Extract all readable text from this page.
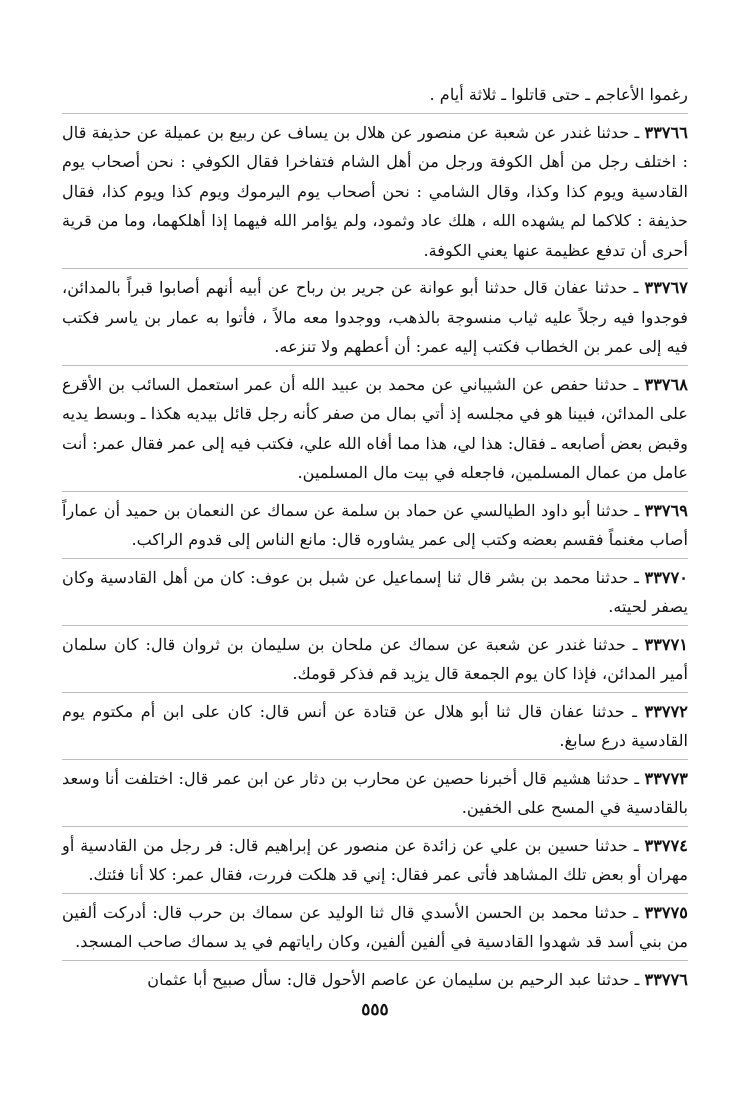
رغموا الأعاجم ـ حتى قاتلوا ـ ثلاثة أيام .

٣٣٧٦٦ ـ حدثنا غندر عن شعبة عن منصور عن هلال بن يساف عن ربيع بن عميلة عن حذيفة قال : اختلف رجل من أهل الكوفة ورجل من أهل الشام فتفاخرا فقال الكوفي : نحن أصحاب يوم القادسية ويوم كذا وكذا، وقال الشامي : نحن أصحاب يوم اليرموك ويوم كذا ويوم كذا، فقال حذيفة : كلاكما لم يشهده الله ، هلك عاد وثمود، ولم يؤامر الله فيهما إذا أهلكهما، وما من قرية أحرى أن تدفع عظيمة عنها يعني الكوفة.

٣٣٧٦٧ ـ حدثنا عفان قال حدثنا أبو عوانة عن جرير بن رباح عن أبيه أنهم أصابوا قبراً بالمدائن، فوجدوا فيه رجلاً عليه ثياب منسوجة بالذهب، ووجدوا معه مالاً ، فأتوا به عمار بن ياسر فكتب فيه إلى عمر بن الخطاب فكتب إليه عمر: أن أعطهم ولا تنزعه.

٣٣٧٦٨ ـ حدثنا حفص عن الشيباني عن محمد بن عبيد الله أن عمر استعمل السائب بن الأقرع على المدائن، فبينا هو في مجلسه إذ أتي بمال من صفر كأنه رجل قائل بيديه هكذا ـ وبسط يديه وقبض بعض أصابعه ـ فقال: هذا لي، هذا مما أفاه الله علي، فكتب فيه إلى عمر فقال عمر: أنت عامل من عمال المسلمين، فاجعله في بيت مال المسلمين.

٣٣٧٦٩ ـ حدثنا أبو داود الطيالسي عن حماد بن سلمة عن سماك عن النعمان بن حميد أن عماراً أصاب مغنماً فقسم بعضه وكتب إلى عمر يشاوره قال: مانع الناس إلى قدوم الراكب.

٣٣٧٧٠ ـ حدثنا محمد بن بشر قال ثنا إسماعيل عن شبل بن عوف: كان من أهل القادسية وكان يصفر لحيته.

٣٣٧٧١ ـ حدثنا غندر عن شعبة عن سماك عن ملحان بن سليمان بن ثروان قال: كان سلمان أمير المدائن، فإذا كان يوم الجمعة قال يزيد قم فذكر قومك.

٣٣٧٧٢ ـ حدثنا عفان قال ثنا أبو هلال عن قتادة عن أنس قال: كان على ابن أم مكتوم يوم القادسية درع سابغ.

٣٣٧٧٣ ـ حدثنا هشيم قال أخبرنا حصين عن محارب بن دثار عن ابن عمر قال: اختلفت أنا وسعد بالقادسية في المسح على الخفين.

٣٣٧٧٤ ـ حدثنا حسين بن علي عن زائدة عن منصور عن إبراهيم قال: فر رجل من القادسية أو مهران أو بعض تلك المشاهد فأتى عمر فقال: إني قد هلكت فررت، فقال عمر: كلا أنا فئتك.

٣٣٧٧٥ ـ حدثنا محمد بن الحسن الأسدي قال ثنا الوليد عن سماك بن حرب قال: أدركت ألفين من بني أسد قد شهدوا القادسية في ألفين ألفين، وكان راياتهم في يد سماك صاحب المسجد.

٣٣٧٧٦ ـ حدثنا عبد الرحيم بن سليمان عن عاصم الأحول قال: سأل صبيح أبا عثمان

٥٥٥
